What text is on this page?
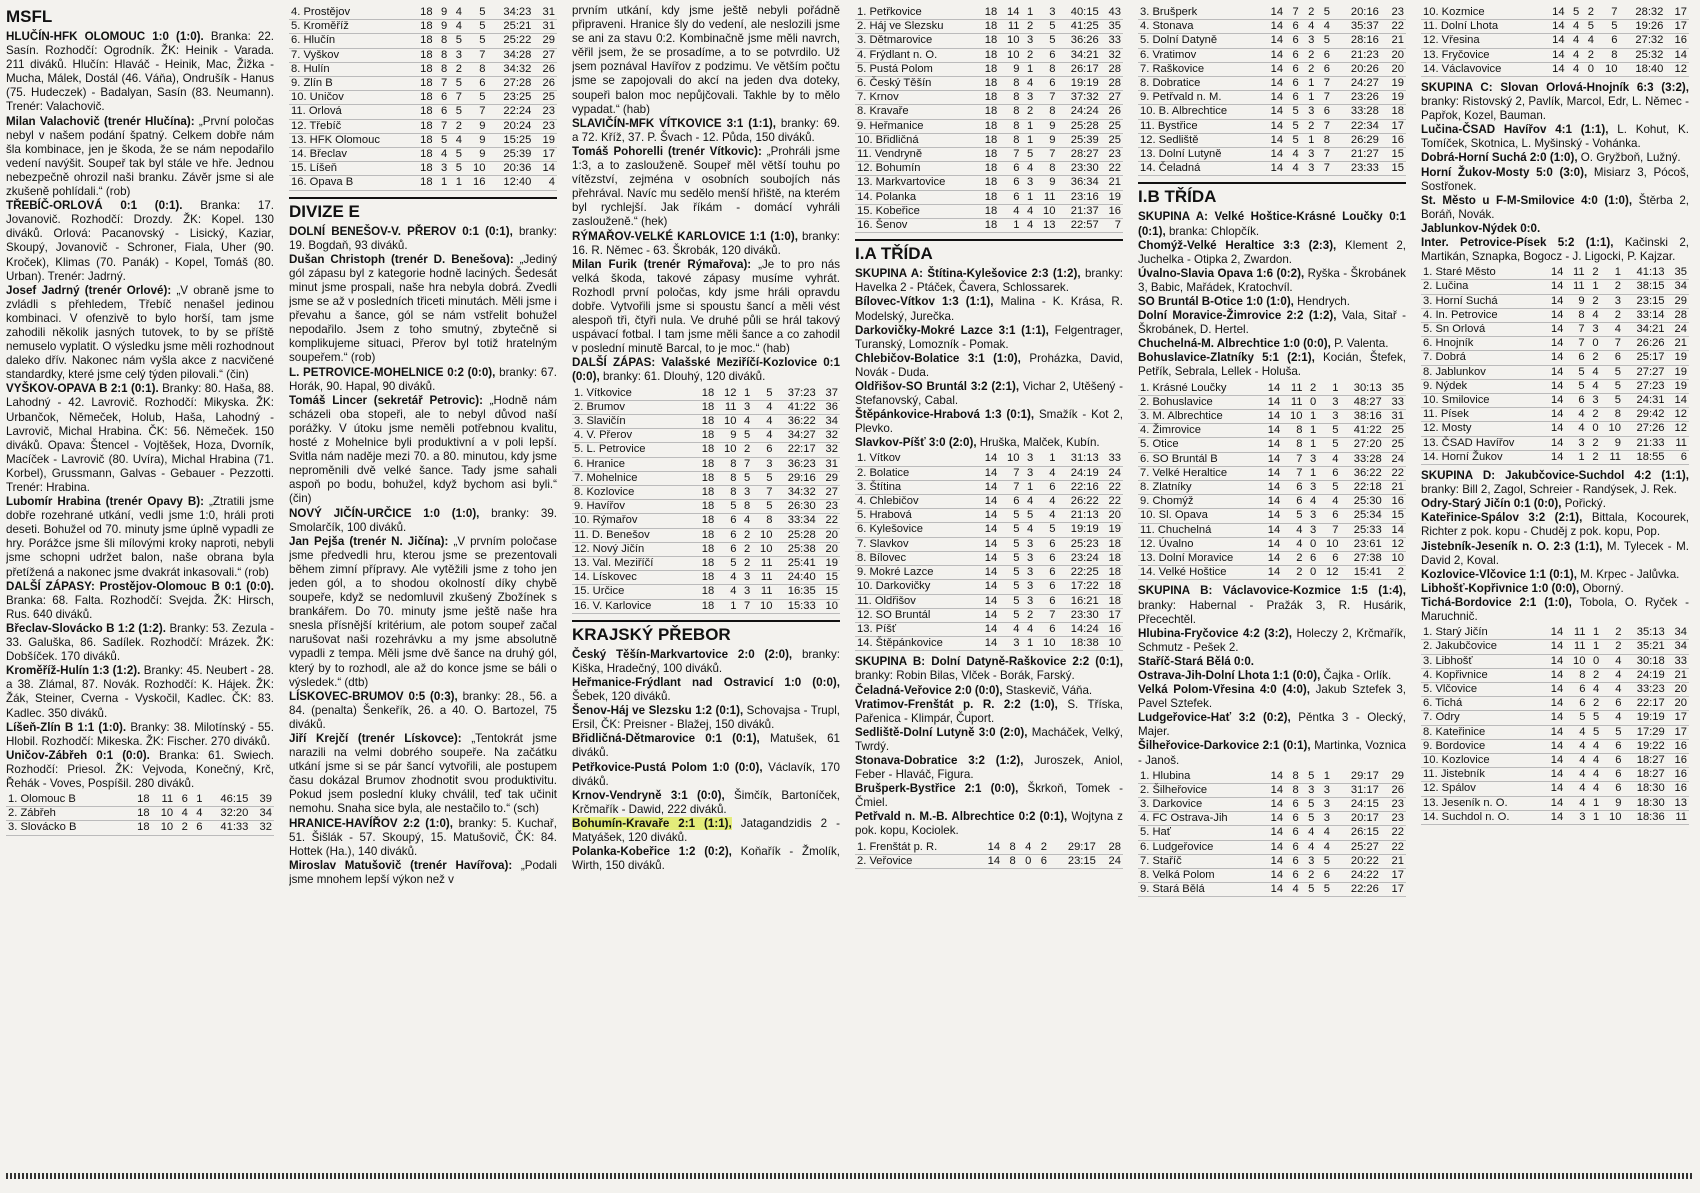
MSFL

HLUČÍN-HFK OLOMOUC 1:0 (1:0). Branka: 22. Sasín. Rozhodčí: Ogrodník. ŽK: Heinik - Varada. 211 diváků. Hlučín: Hlaváč - Heinik, Mac, Žižka - Mucha, Málek, Dostál (46. Váňa), Ondrušík - Hanus (75. Hudeczek) - Badalyan, Sasín (83. Neumann). Trenér: Valachovič.

Milan Valachovič (trenér Hlučína): „První poločas nebyl v našem podání špatný. Celkem dobře nám šla kombinace, jen je škoda, že se nám nepodařilo vedení navýšit. Soupeř tak byl stále ve hře. Jednou nebezpečně ohrozil naši branku. Závěr jsme si ale zkušeně pohlídali.“ (rob)

TŘEBÍČ-ORLOVÁ 0:1 (0:1). Branka: 17. Jovanovič. Rozhodčí: Drozdy. ŽK: Kopel. 130 diváků. Orlová: Pacanovský - Lisický, Kaziar, Skoupý, Jovanovič - Schroner, Fiala, Uher (90. Kroček), Klimas (70. Panák) - Kopel, Tomáš (80. Urban). Trenér: Jadrný.

Josef Jadrný (trenér Orlové): „V obraně jsme to zvládli s přehledem, Třebíč nenašel jedinou kombinaci. V ofenzivě to bylo horší, tam jsme zahodili několik jasných tutovek, to by se příště nemuselo vyplatit. O výsledku jsme měli rozhodnout daleko dřív. Nakonec nám vyšla akce z nacvičené standardky, které jsme celý týden pilovali.“ (čin)

VYŠKOV-OPAVA B 2:1 (0:1). Branky: 80. Haša, 88. Lahodný - 42. Lavrovič. Rozhodčí: Mikyska. ŽK: Urbančok, Němeček, Holub, Haša, Lahodný - Lavrovič, Michal Hrabina. ČK: 56. Němeček. 150 diváků. Opava: Štencel - Vojtěšek, Hoza, Dvorník, Macíček - Lavrovič (80. Uvíra), Michal Hrabina (71. Korbel), Grussmann, Galvas - Gebauer - Pezzotti. Trenér: Hrabina.

Lubomír Hrabina (trenér Opavy B): „Ztratili jsme dobře rozehrané utkání, vedli jsme 1:0, hráli proti deseti. Bohužel od 70. minuty jsme úplně vypadli ze hry. Porážce jsme šli mílovými kroky naproti, nebyli jsme schopni udržet balon, naše obrana byla přetížená a nakonec jsme dvakrát inkasovali.“ (rob)

DALŠÍ ZÁPASY: Prostějov-Olomouc B 0:1 (0:0). Branka: 68. Falta. Rozhodčí: Svejda. ŽK: Hirsch, Rus. 640 diváků.

Břeclav-Slovácko B 1:2 (1:2). Branky: 53. Zezula - 33. Galuška, 86. Sadílek. Rozhodčí: Mrázek. ŽK: Dobšíček. 170 diváků.

Kroměříž-Hulín 1:3 (1:2). Branky: 45. Neubert - 28. a 38. Zlámal, 87. Novák. Rozhodčí: K. Hájek. ŽK: Žák, Steiner, Cverna - Vyskočil, Kadlec. ČK: 83. Kadlec. 350 diváků.

Líšeň-Zlín B 1:1 (1:0). Branky: 38. Milotínský - 55. Hlobil. Rozhodčí: Mikeska. ŽK: Fischer. 270 diváků.

Uničov-Zábřeh 0:1 (0:0). Branka: 61. Swiech. Rozhodčí: Priesol. ŽK: Vejvoda, Konečný, Krč, Řehák - Voves, Pospíšil. 280 diváků.

1. Olomouc B	18	11	6	1	46:15	39
2. Zábřeh	18	10	4	4	32:20	34
3. Slovácko B	18	10	2	6	41:33	32
4. Prostějov	18	9	4	5	34:23	31
5. Kroměříž	18	9	4	5	25:21	31
6. Hlučín	18	8	5	5	25:22	29
7. Vyškov	18	8	3	7	34:28	27
8. Hulín	18	8	2	8	34:32	26
9. Zlín B	18	7	5	6	27:28	26
10. Uničov	18	6	7	5	23:25	25
11. Orlová	18	6	5	7	22:24	23
12. Třebíč	18	7	2	9	20:24	23
13. HFK Olomouc	18	5	4	9	15:25	19
14. Břeclav	18	4	5	9	25:39	17
15. Líšeň	18	3	5	10	20:36	14
16. Opava B	18	1	1	16	12:40	4
DIVIZE E

DOLNÍ BENEŠOV-V. PŘEROV 0:1 (0:1), branky: 19. Bogdaň, 93 diváků.

Dušan Christoph (trenér D. Benešova): „Jediný gól zápasu byl z kategorie hodně laciných. Šedesát minut jsme prospali, naše hra nebyla dobrá. Zvedli jsme se až v posledních třiceti minutách. Měli jsme i převahu a šance, gól se nám vstřelit bohužel nepodařilo. Jsem z toho smutný, zbytečně si komplikujeme situaci, Přerov byl totiž hratelným soupeřem.“ (rob)

L. PETROVICE-MOHELNICE 0:2 (0:0), branky: 67. Horák, 90. Hapal, 90 diváků.

Tomáš Lincer (sekretář Petrovic): „Hodně nám scházeli oba stopeři, ale to nebyl důvod naší porážky. V útoku jsme neměli potřebnou kvalitu, hosté z Mohelnice byli produktivní a v poli lepší. Svitla nám naděje mezi 70. a 80. minutou, kdy jsme neproměnili dvě velké šance. Tady jsme sahali aspoň po bodu, bohužel, když bychom asi byli.“ (čin)

NOVÝ JIČÍN-URČICE 1:0 (1:0), branky: 39. Smolarčík, 100 diváků.

Jan Pejša (trenér N. Jičína): „V prvním poločase jsme předvedli hru, kterou jsme se prezentovali během zimní přípravy. Ale vytěžili jsme z toho jen jeden gól, a to shodou okolností díky chybě soupeře, když se nedomluvil zkušený Zbožínek s brankářem. Do 70. minuty jsme ještě naše hra snesla přísnější kritérium, ale potom soupeř začal narušovat naši rozehrávku a my jsme absolutně vypadli z tempa. Měli jsme dvě šance na druhý gól, který by to rozhodl, ale až do konce jsme se báli o výsledek.“ (dtb)

LÍSKOVEC-BRUMOV 0:5 (0:3), branky: 28., 56. a 84. (penalta) Šenkeřík, 26. a 40. O. Bartozel, 75 diváků.

Jiří Krejčí (trenér Lískovce): „Tentokrát jsme narazili na velmi dobrého soupeře. Na začátku utkání jsme si se pár šancí vytvořili, ale postupem času dokázal Brumov zhodnotit svou produktivitu. Pokud jsem poslední kluky chválil, teď tak učinit nemohu. Snaha sice byla, ale nestačilo to.“ (sch)

HRANICE-HAVÍŘOV 2:2 (1:0), branky: 5. Kuchař, 51. Šišlák - 57. Skoupý, 15. Matušovič, ČK: 84. Hottek (Ha.), 140 diváků.

Miroslav Matušovič (trenér Havířova): „Podali jsme mnohem lepší výkon než v

prvním utkání, kdy jsme ještě nebyli pořádně připraveni. Hranice šly do vedení, ale neslozili jsme se ani za stavu 0:2. Kombinačně jsme měli navrch, věřil jsem, že se prosadíme, a to se potvrdilo. Už jsem poznával Havířov z podzimu. Ve větším počtu jsme se zapojovali do akcí na jeden dva doteky, soupeři balon moc nepůjčovali. Takhle by to mělo vypadat.“ (hab)

SLAVIČÍN-MFK VÍTKOVICE 3:1 (1:1), branky: 69. a 72. Kříž, 37. P. Švach - 12. Půda, 150 diváků.

Tomáš Pohorelli (trenér Vítkovic): „Prohráli jsme 1:3, a to zaslouženě. Soupeř měl větší touhu po vítězství, zejména v osobních soubojích nás přehrával. Navíc mu sedělo menší hřiště, na kterém byl rychlejší. Jak říkám - domácí vyhráli zaslouženě.“ (hek)

RÝMAŘOV-VELKÉ KARLOVICE 1:1 (1:0), branky: 16. R. Němec - 63. Škrobák, 120 diváků.

Milan Furik (trenér Rýmařova): „Je to pro nás velká škoda, takové zápasy musíme vyhrát. Rozhodl první poločas, kdy jsme hráli opravdu dobře. Vytvořili jsme si spoustu šancí a měli vést alespoň tři, čtyři nula. Ve druhé půli se hrál takový uspávací fotbal. I tam jsme měli šance a co zahodil v poslední minutě Barcal, to je moc.“ (hab)

DALŠÍ ZÁPAS: Valašské Meziříčí-Kozlovice 0:1 (0:0), branky: 61. Dlouhý, 120 diváků.

1. Vítkovice	18	12	1	5	37:23	37
2. Brumov	18	11	3	4	41:22	36
3. Slavičín	18	10	4	4	36:22	34
4. V. Přerov	18	9	5	4	34:27	32
5. L. Petrovice	18	10	2	6	22:17	32
6. Hranice	18	8	7	3	36:23	31
7. Mohelnice	18	8	5	5	29:16	29
8. Kozlovice	18	8	3	7	34:32	27
9. Havířov	18	5	8	5	26:30	23
10. Rýmařov	18	6	4	8	33:34	22
11. D. Benešov	18	6	2	10	25:28	20
12. Nový Jičín	18	6	2	10	25:38	20
13. Val. Meziříčí	18	5	2	11	25:41	19
14. Lískovec	18	4	3	11	24:40	15
15. Určice	18	4	3	11	16:35	15
16. V. Karlovice	18	1	7	10	15:33	10
KRAJSKÝ PŘEBOR

Český Těšín-Markvartovice 2:0 (2:0), branky: Kiška, Hradečný, 100 diváků.

Heřmanice-Frýdlant nad Ostravicí 1:0 (0:0), Šebek, 120 diváků.

Šenov-Háj ve Slezsku 1:2 (0:1), Schovajsa - Trupl, Ersil, ČK: Preisner - Blažej, 150 diváků.

Břidličná-Dětmarovice 0:1 (0:1), Matušek, 61 diváků.

Petřkovice-Pustá Polom 1:0 (0:0), Václavík, 170 diváků.

Krnov-Vendryně 3:1 (0:0), Šimčík, Bartoníček, Krčmařík - Dawid, 222 diváků.

Bohumín-Kravaře 2:1 (1:1), Jatagandzidis 2 - Matyášek, 120 diváků.

Polanka-Kobeřice 1:2 (0:2), Koňařík - Žmolík, Wirth, 150 diváků.

1. Petřkovice	18	14	1	3	40:15	43
2. Háj ve Slezsku	18	11	2	5	41:25	35
3. Dětmarovice	18	10	3	5	36:26	33
4. Frýdlant n. O.	18	10	2	6	34:21	32
5. Pustá Polom	18	9	1	8	26:17	28
6. Český Těšín	18	8	4	6	19:19	28
7. Krnov	18	8	3	7	37:32	27
8. Kravaře	18	8	2	8	24:24	26
9. Heřmanice	18	8	1	9	25:28	25
10. Břidličná	18	8	1	9	25:39	25
11. Vendryně	18	7	5	7	28:27	23
12. Bohumín	18	6	4	8	23:30	22
13. Markvartovice	18	6	3	9	36:34	21
14. Polanka	18	6	1	11	23:16	19
15. Kobeřice	18	4	4	10	21:37	16
16. Šenov	18	1	4	13	22:57	7
I.A TŘÍDA

SKUPINA A: Štítina-Kylešovice 2:3 (1:2), branky: Havelka 2 - Ptáček, Čavera, Schlossarek.

Bílovec-Vítkov 1:3 (1:1), Malina - K. Krása, R. Modelský, Jurečka.

Darkovičky-Mokré Lazce 3:1 (1:1), Felgentrager, Turanský, Lomozník - Pomak.

Chlebičov-Bolatice 3:1 (1:0), Proházka, David, Novák - Duda.

Oldřišov-SO Bruntál 3:2 (2:1), Vichar 2, Utěšený - Stefanovský, Cabal.

Štěpánkovice-Hrabová 1:3 (0:1), Smažík - Kot 2, Plevko.

Slavkov-Píšť 3:0 (2:0), Hruška, Malček, Kubín.

1. Vítkov	14	10	3	1	31:13	33
2. Bolatice	14	7	3	4	24:19	24
3. Štítina	14	7	1	6	22:16	22
4. Chlebičov	14	6	4	4	26:22	22
5. Hrabová	14	5	5	4	21:13	20
6. Kylešovice	14	5	4	5	19:19	19
7. Slavkov	14	5	3	6	25:23	18
8. Bílovec	14	5	3	6	23:24	18
9. Mokré Lazce	14	5	3	6	22:25	18
10. Darkovičky	14	5	3	6	17:22	18
11. Oldřišov	14	5	3	6	16:21	18
12. SO Bruntál	14	5	2	7	23:30	17
13. Píšť	14	4	4	6	14:24	16
14. Štěpánkovice	14	3	1	10	18:38	10

SKUPINA B: Dolní Datyně-Raškovice 2:2 (0:1), branky: Robin Bilas, Vlček - Borák, Farský.

Čeladná-Veřovice 2:0 (0:0), Staskevič, Váňa.

Vratimov-Frenštát p. R. 2:2 (1:0), S. Tříska, Pařenica - Klimpár, Čuport.

Sedliště-Dolní Lutyně 3:0 (2:0), Macháček, Velký, Twrdý.

Stonava-Dobratice 3:2 (1:2), Juroszek, Aniol, Feber - Hlaváč, Figura.

Brušperk-Bystřice 2:1 (0:0), Škrkoň, Tomek - Čmiel.

Petřvald n. M.-B. Albrechtice 0:2 (0:1), Wojtyna z pok. kopu, Kociolek.

1. Frenštát p. R.	14	8	4	2	29:17	28
2. Veřovice	14	8	0	6	23:15	24
3. Brušperk	14	7	2	5	20:16	23
4. Stonava	14	6	4	4	35:37	22
5. Dolní Datyně	14	6	3	5	28:16	21
6. Vratimov	14	6	2	6	21:23	20
7. Raškovice	14	6	2	6	20:26	20
8. Dobratice	14	6	1	7	24:27	19
9. Petřvald n. M.	14	6	1	7	23:26	19
10. B. Albrechtice	14	5	3	6	33:28	18
11. Bystřice	14	5	2	7	22:34	17
12. Sedliště	14	5	1	8	26:29	16
13. Dolní Lutyně	14	4	3	7	21:27	15
14. Čeladná	14	4	3	7	23:33	15
I.B TŘÍDA

SKUPINA A: Velké Hoštice-Krásné Loučky 0:1 (0:1), branka: Chlopčík.

Chomýž-Velké Heraltice 3:3 (2:3), Klement 2, Juchelka - Otipka 2, Zwardon.

Úvalno-Slavia Opava 1:6 (0:2), Ryška - Škrobánek 3, Babic, Mařádek, Kratochvíl.

SO Bruntál B-Otice 1:0 (1:0), Hendrych.

Dolní Moravice-Žimrovice 2:2 (1:2), Vala, Sitař - Škrobánek, D. Hertel.

Chuchelná-M. Albrechtice 1:0 (0:0), P. Valenta.

Bohuslavice-Zlatníky 5:1 (2:1), Kocián, Štefek, Petřík, Sebrala, Lellek - Holuša.

1. Krásné Loučky	14	11	2	1	30:13	35
2. Bohuslavice	14	11	0	3	48:27	33
3. M. Albrechtice	14	10	1	3	38:16	31
4. Žimrovice	14	8	1	5	41:22	25
5. Otice	14	8	1	5	27:20	25
6. SO Bruntál B	14	7	3	4	33:28	24
7. Velké Heraltice	14	7	1	6	36:22	22
8. Zlatníky	14	6	3	5	22:18	21
9. Chomýž	14	6	4	4	25:30	16
10. Sl. Opava	14	5	3	6	25:34	15
11. Chuchelná	14	4	3	7	25:33	14
12. Úvalno	14	4	0	10	23:61	12
13. Dolní Moravice	14	2	6	6	27:38	10
14. Velké Hoštice	14	2	0	12	15:41	2

SKUPINA B: Václavovice-Kozmice 1:5 (1:4), branky: Habernal - Pražák 3, R. Husárik, Přecechtěl.

Hlubina-Fryčovice 4:2 (3:2), Holeczy 2, Krčmařík, Schmutz - Pešek 2.

Staříč-Stará Bělá 0:0.

Ostrava-Jih-Dolní Lhota 1:1 (0:0), Čajka - Orlík.

Velká Polom-Vřesina 4:0 (4:0), Jakub Sztefek 3, Pavel Sztefek.

Ludgeřovice-Hať 3:2 (0:2), Pěntka 3 - Olecký, Majer.

Šilheřovice-Darkovice 2:1 (0:1), Martinka, Voznica - Janoš.

1. Hlubina	14	8	5	1	29:17	29
2. Šilheřovice	14	8	3	3	31:17	26
3. Darkovice	14	6	5	3	24:15	23
4. FC Ostrava-Jih	14	6	5	3	20:17	23
5. Hať	14	6	4	4	26:15	22
6. Ludgeřovice	14	6	4	4	25:27	22
7. Staříč	14	6	3	5	20:22	21
8. Velká Polom	14	6	2	6	24:22	17
9. Stará Bělá	14	4	5	5	22:26	17
10. Kozmice	14	5	2	7	28:32	17
11. Dolní Lhota	14	4	5	5	19:26	17
12. Vřesina	14	4	4	6	27:32	16
13. Fryčovice	14	4	2	8	25:32	14
14. Václavovice	14	4	0	10	18:40	12

SKUPINA C: Slovan Orlová-Hnojník 6:3 (3:2), branky: Ristovský 2, Pavlík, Marcol, Edr, L. Němec - Papřok, Kozel, Bauman.

Lučina-ČSAD Havířov 4:1 (1:1), L. Kohut, K. Tomíček, Skotnica, L. Myšinský - Vohánka.

Dobrá-Horní Suchá 2:0 (1:0), O. Gryžboň, Lužný.

Horní Žukov-Mosty 5:0 (3:0), Misiarz 3, Pócoš, Sostřonek.

St. Město u F-M-Smilovice 4:0 (1:0), Štěrba 2, Boráň, Novák.

Jablunkov-Nýdek 0:0.

Inter. Petrovice-Písek 5:2 (1:1), Kačinski 2, Martikán, Sznapka, Bogocz - J. Ligocki, P. Kajzar.

1. Staré Město	14	11	2	1	41:13	35
2. Lučina	14	11	1	2	38:15	34
3. Horní Suchá	14	9	2	3	23:15	29
4. In. Petrovice	14	8	4	2	33:14	28
5. Sn Orlová	14	7	3	4	34:21	24
6. Hnojník	14	7	0	7	26:26	21
7. Dobrá	14	6	2	6	25:17	19
8. Jablunkov	14	5	4	5	27:27	19
9. Nýdek	14	5	4	5	27:23	19
10. Smilovice	14	6	3	5	24:31	14
11. Písek	14	4	2	8	29:42	12
12. Mosty	14	4	0	10	27:26	12
13. ČSAD Havířov	14	3	2	9	21:33	11
14. Horní Žukov	14	1	2	11	18:55	6

SKUPINA D: Jakubčovice-Suchdol 4:2 (1:1), branky: Bill 2, Zagol, Schreier - Randýsek, J. Rek.

Odry-Starý Jičín 0:1 (0:0), Pořický.

Kateřinice-Spálov 3:2 (2:1), Bittala, Kocourek, Richter z pok. kopu - Chuděj z pok. kopu, Pop.

Jistebník-Jeseník n. O. 2:3 (1:1), M. Tylecek - M. David 2, Koval.

Kozlovice-Vlčovice 1:1 (0:1), M. Krpec - Jalůvka.

Libhošť-Kopřivnice 1:0 (0:0), Oborný.

Tichá-Bordovice 2:1 (1:0), Tobola, O. Ryček - Maruchnič.

1. Starý Jičín	14	11	1	2	35:13	34
2. Jakubčovice	14	11	1	2	35:21	34
3. Libhošť	14	10	0	4	30:18	33
4. Kopřivnice	14	8	2	4	24:19	21
5. Vlčovice	14	6	4	4	33:23	20
6. Tichá	14	6	2	6	22:17	20
7. Odry	14	5	5	4	19:19	17
8. Kateřinice	14	4	5	5	17:29	17
9. Bordovice	14	4	4	6	19:22	16
10. Kozlovice	14	4	4	6	18:27	16
11. Jistebník	14	4	4	6	18:27	16
12. Spálov	14	4	4	6	18:30	16
13. Jeseník n. O.	14	4	1	9	18:30	13
14. Suchdol n. O.	14	3	1	10	18:36	11
